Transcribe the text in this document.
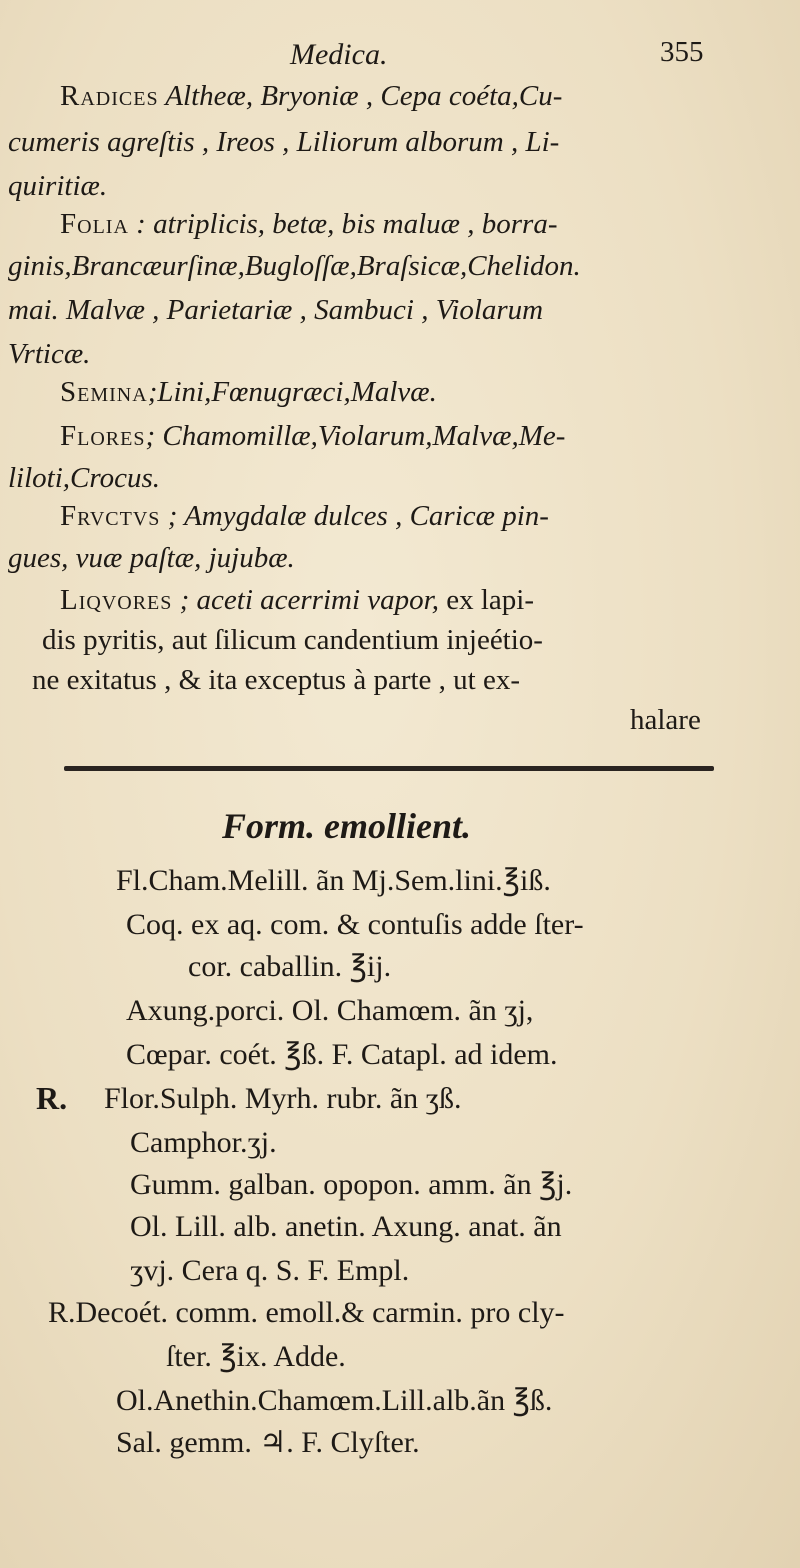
Medica.	355
Radices Altheæ, Bryoniæ , Cepa coéta,Cu-
cumeris agreſtis , Ireos , Liliorum alborum , Li-
quiritiæ.
Folia : atriplicis, betæ, bis maluæ , borra-
ginis,Brancæurſinæ,Bugloſſæ,Braſsicæ,Chelidon.
mai. Malvæ , Parietariæ , Sambuci , Violarum
Vrticæ.
Semina;Lini,Fœnugræci,Malvæ.
Flores; Chamomillæ,Violarum,Malvæ,Me-
liloti,Crocus.
Frvctvs ; Amygdalæ dulces , Caricæ pin-
gues, vuæ paſtæ, jujubæ.
Liqvores ; aceti acerrimi vapor, ex lapi-
dis pyritis, aut ſilicum candentium injeétio-
ne exitatus , & ita exceptus à parte , ut ex-
halare
Form. emollient.
Fl.Cham.Melill. ãn Mj.Sem.lini.℥iß.
Coq. ex aq. com. & contuſis adde ſter-
cor. caballin. ℥ij.
Axung.porci. Ol. Chamœm. ãn ʒj,
Cœpar. coét. ℥ß. F. Catapl. ad idem.
R. Flor.Sulph. Myrh. rubr. ãn ʒß.
Camphor.ʒj.
Gumm. galban. opopon. amm. ãn ℥j.
Ol. Lill. alb. anetin. Axung. anat. ãn
ʒvj. Cera q. S. F. Empl.
R.Decoét. comm. emoll.& carmin. pro cly-
ſter. ℥ix. Adde.
Ol.Anethin.Chamœm.Lill.alb.ãn ℥ß.
Sal. gemm. ♃. F. Clyſter.
